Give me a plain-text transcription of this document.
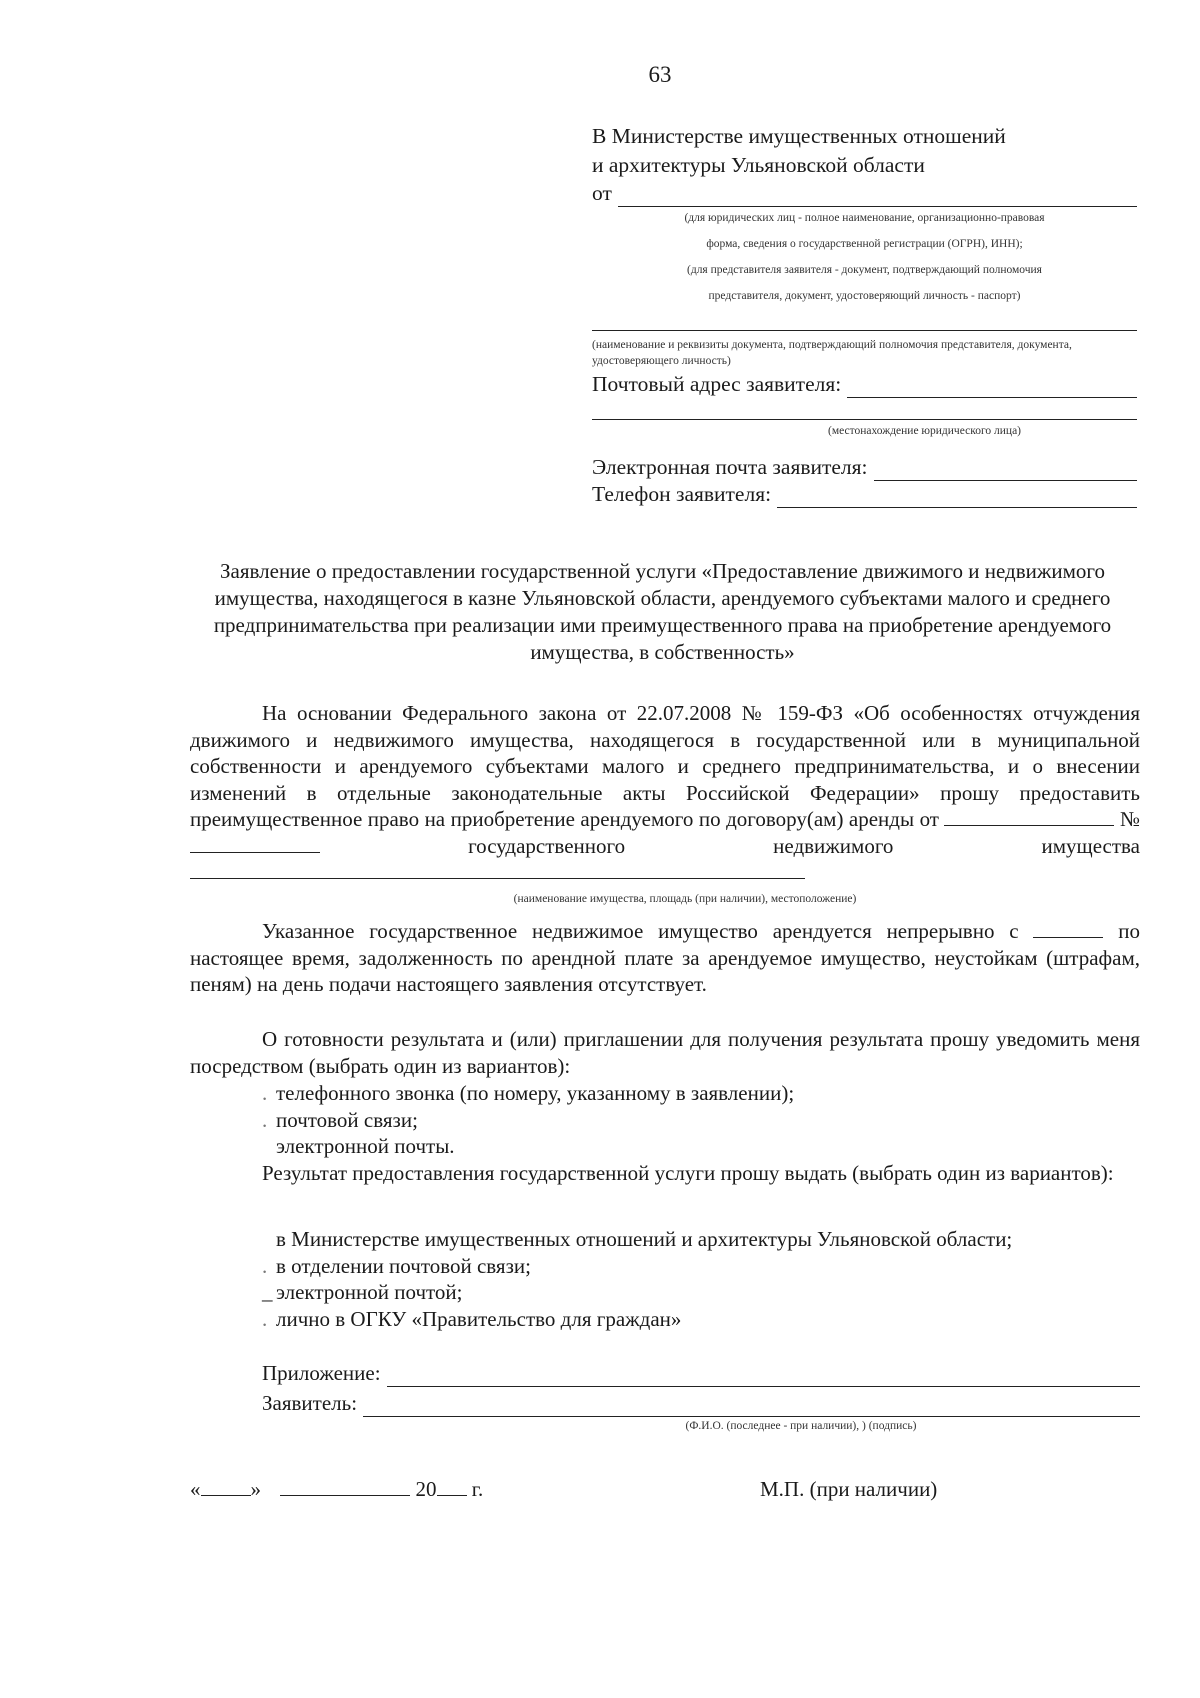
63
В Министерстве имущественных отношений
и архитектуры Ульяновской области
от
(для юридических лиц - полное наименование, организационно-правовая
форма, сведения о государственной регистрации (ОГРН), ИНН);
(для представителя заявителя - документ, подтверждающий полномочия
представителя, документ, удостоверяющий личность - паспорт)
(наименование и реквизиты документа, подтверждающий полномочия представителя, документа, удостоверяющего личность)
Почтовый адрес заявителя:
(местонахождение юридического лица)
Электронная почта заявителя:
Телефон заявителя:
Заявление о предоставлении государственной услуги «Предоставление движимого и недвижимого имущества, находящегося в казне Ульяновской области, арендуемого субъектами малого и среднего предпринимательства при реализации ими преимущественного права на приобретение арендуемого имущества, в собственность»
На основании Федерального закона от 22.07.2008 № 159-ФЗ «Об особенностях отчуждения движимого и недвижимого имущества, находящегося в государственной или в муниципальной собственности и арендуемого субъектами малого и среднего предпринимательства, и о внесении изменений в отдельные законодательные акты Российской Федерации» прошу предоставить преимущественное право на приобретение арендуемого по договору(ам) аренды от	№  государственного недвижимого имущества
(наименование имущества, площадь (при наличии), местоположение)
Указанное государственное недвижимое имущество арендуется непрерывно с	по настоящее время, задолженность по арендной плате за арендуемое имущество, неустойкам (штрафам, пеням) на день подачи настоящего заявления отсутствует.
О готовности результата и (или) приглашении для получения результата прошу уведомить меня посредством (выбрать один из вариантов):
. телефонного звонка (по номеру, указанному в заявлении);
. почтовой связи;
электронной почты.
Результат предоставления государственной услуги прошу выдать (выбрать один из вариантов):
в Министерстве имущественных отношений и архитектуры Ульяновской области;
. в отделении почтовой связи;
_ электронной почтой;
. лично в ОГКУ «Правительство для граждан»
Приложение:
Заявитель:
(Ф.И.О. (последнее - при наличии), ) (подпись)
« »	20 г.	М.П. (при наличии)
